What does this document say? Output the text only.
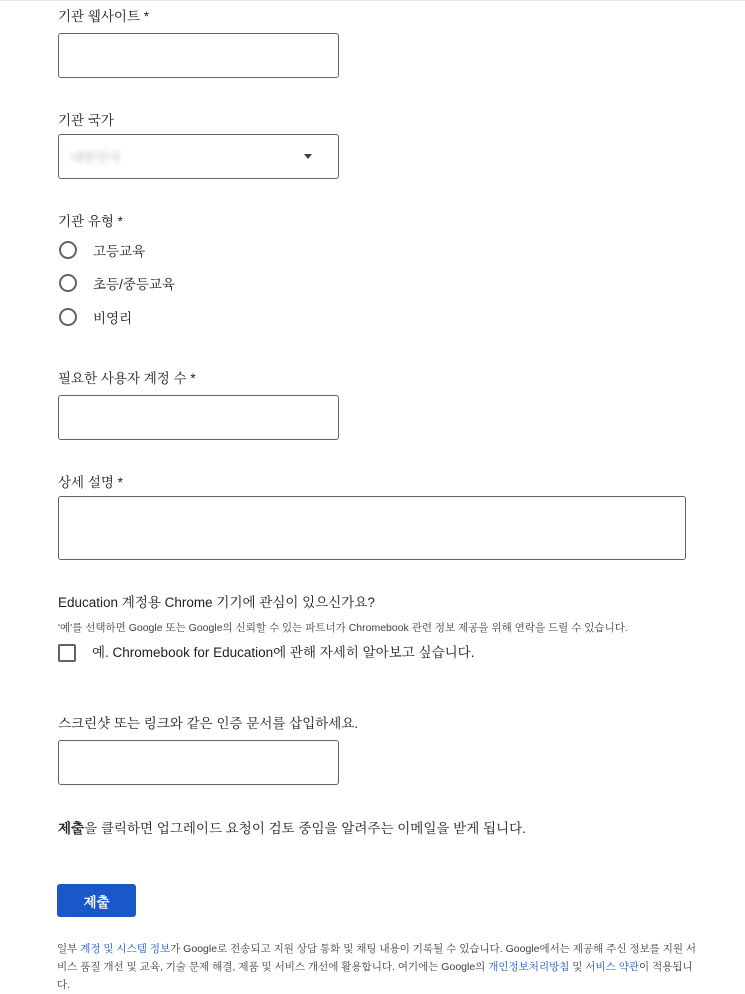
기관 웹사이트 *
기관 국가
대한민국
기관 유형 *
고등교육
초등/중등교육
비영리
필요한 사용자 계정 수 *
상세 설명 *
Education 계정용 Chrome 기기에 관심이 있으신가요?
'예'를 선택하면 Google 또는 Google의 신뢰할 수 있는 파트너가 Chromebook 관련 정보 제공을 위해 연락을 드릴 수 있습니다.
예. Chromebook for Education에 관해 자세히 알아보고 싶습니다.
스크린샷 또는 링크와 같은 인증 문서를 삽입하세요.
제출을 클릭하면 업그레이드 요청이 검토 중임을 알려주는 이메일을 받게 됩니다.
제출
일부 계정 및 시스템 정보가 Google로 전송되고 지원 상담 통화 및 채팅 내용이 기록될 수 있습니다. Google에서는 제공해 주신 정보를 지원 서비스 품질 개선 및 교육, 기술 문제 해결, 제품 및 서비스 개선에 활용합니다. 여기에는 Google의 개인정보처리방침 및 서비스 약관이 적용됩니다.
